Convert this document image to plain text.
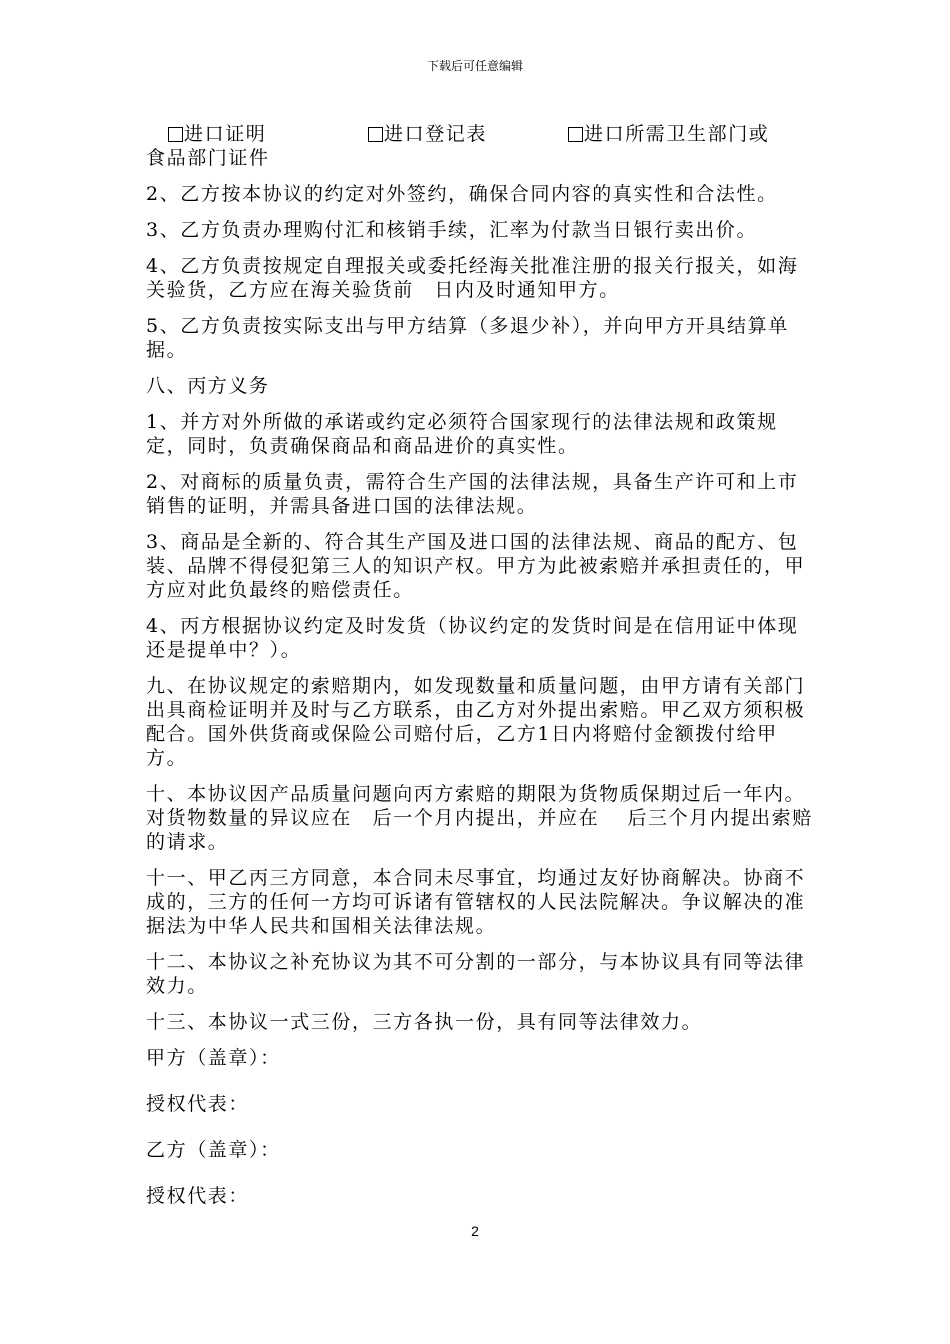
下载后可任意编辑
进口证明	进口登记表	进口所需卫生部门或
食品部门证件

2、乙方按本协议的约定对外签约，确保合同内容的真实性和合法性。

3、乙方负责办理购付汇和核销手续，汇率为付款当日银行卖出价。

4、乙方负责按规定自理报关或委托经海关批准注册的报关行报关，如海关验货，乙方应在海关验货前　日内及时通知甲方。

5、乙方负责按实际支出与甲方结算（多退少补），并向甲方开具结算单据。

八、丙方义务

1、并方对外所做的承诺或约定必须符合国家现行的法律法规和政策规定，同时，负责确保商品和商品进价的真实性。

2、对商标的质量负责，需符合生产国的法律法规，具备生产许可和上市销售的证明，并需具备进口国的法律法规。

3、商品是全新的、符合其生产国及进口国的法律法规、商品的配方、包装、品牌不得侵犯第三人的知识产权。甲方为此被索赔并承担责任的，甲方应对此负最终的赔偿责任。

4、丙方根据协议约定及时发货（协议约定的发货时间是在信用证中体现还是提单中？）。

九、在协议规定的索赔期内，如发现数量和质量问题，由甲方请有关部门出具商检证明并及时与乙方联系，由乙方对外提出索赔。甲乙双方须积极配合。国外供货商或保险公司赔付后，乙方1日内将赔付金额拨付给甲方。

十、本协议因产品质量问题向丙方索赔的期限为货物质保期过后一年内。对货物数量的异议应在　后一个月内提出，并应在　 后三个月内提出索赔的请求。

十一、甲乙丙三方同意，本合同未尽事宜，均通过友好协商解决。协商不成的，三方的任何一方均可诉诸有管辖权的人民法院解决。争议解决的准据法为中华人民共和国相关法律法规。

十二、本协议之补充协议为其不可分割的一部分，与本协议具有同等法律效力。

十三、本协议一式三份，三方各执一份，具有同等法律效力。

甲方（盖章）：
授权代表：
乙方（盖章）：
授权代表：
2
